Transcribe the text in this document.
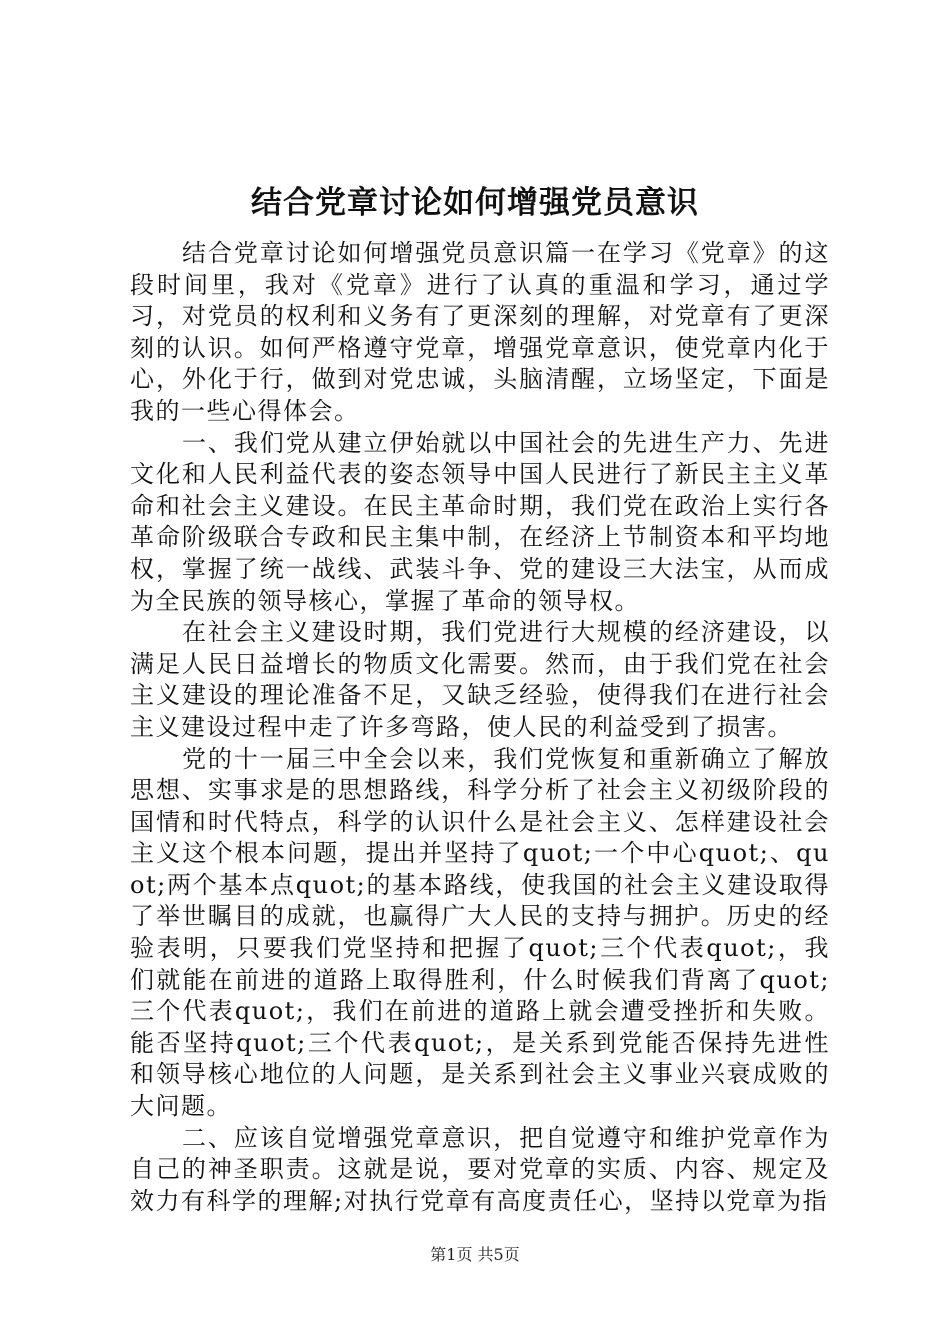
结合党章讨论如何增强党员意识

结合党章讨论如何增强党员意识篇一在学习《党章》的这段时间里，我对《党章》进行了认真的重温和学习，通过学习，对党员的权利和义务有了更深刻的理解，对党章有了更深刻的认识。如何严格遵守党章，增强党章意识，使党章内化于心，外化于行，做到对党忠诚，头脑清醒，立场坚定，下面是我的一些心得体会。

一、我们党从建立伊始就以中国社会的先进生产力、先进文化和人民利益代表的姿态领导中国人民进行了新民主主义革命和社会主义建设。在民主革命时期，我们党在政治上实行各革命阶级联合专政和民主集中制，在经济上节制资本和平均地权，掌握了统一战线、武装斗争、党的建设三大法宝，从而成为全民族的领导核心，掌握了革命的领导权。

在社会主义建设时期，我们党进行大规模的经济建设，以满足人民日益增长的物质文化需要。然而，由于我们党在社会主义建设的理论准备不足，又缺乏经验，使得我们在进行社会主义建设过程中走了许多弯路，使人民的利益受到了损害。

党的十一届三中全会以来，我们党恢复和重新确立了解放思想、实事求是的思想路线，科学分析了社会主义初级阶段的国情和时代特点，科学的认识什么是社会主义、怎样建设社会主义这个根本问题，提出并坚持了quot;一个中心quot;、quot;两个基本点quot;的基本路线，使我国的社会主义建设取得了举世瞩目的成就，也赢得广大人民的支持与拥护。历史的经验表明，只要我们党坚持和把握了quot;三个代表quot;，我们就能在前进的道路上取得胜利，什么时候我们背离了quot;三个代表quot;，我们在前进的道路上就会遭受挫折和失败。能否坚持quot;三个代表quot;，是关系到党能否保持先进性和领导核心地位的人问题，是关系到社会主义事业兴衰成败的大问题。

二、应该自觉增强党章意识，把自觉遵守和维护党章作为自己的神圣职责。这就是说，要对党章的实质、内容、规定及效力有科学的理解;对执行党章有高度责任心，坚持以党章为指

第1页 共5页
